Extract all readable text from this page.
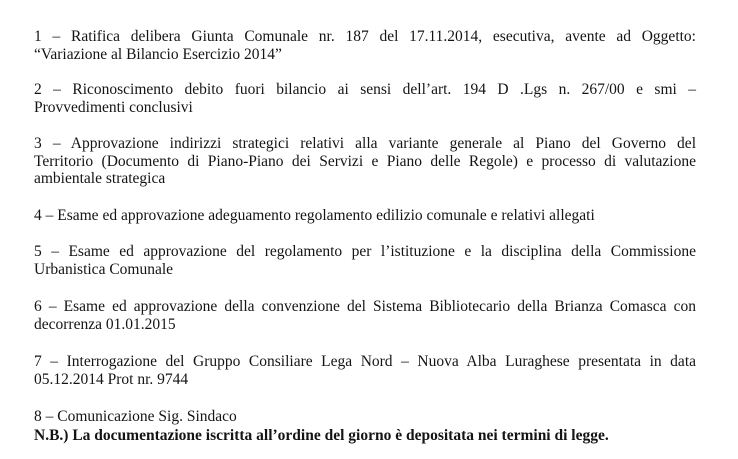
1 – Ratifica delibera Giunta Comunale nr. 187 del 17.11.2014, esecutiva, avente ad Oggetto:
“Variazione al Bilancio Esercizio 2014”
2 – Riconoscimento debito fuori bilancio ai sensi dell’art. 194 D .Lgs n. 267/00 e smi –
Provvedimenti conclusivi
3 – Approvazione indirizzi strategici relativi alla variante generale al Piano del Governo del
Territorio (Documento di Piano-Piano dei Servizi e Piano delle Regole) e processo di valutazione
ambientale strategica
4 – Esame ed approvazione adeguamento regolamento edilizio comunale e relativi allegati
5 – Esame ed approvazione del regolamento per l’istituzione e la disciplina della Commissione
Urbanistica Comunale
6 – Esame ed approvazione della convenzione del Sistema Bibliotecario della Brianza Comasca con
decorrenza 01.01.2015
7 – Interrogazione del Gruppo Consiliare Lega Nord – Nuova Alba Luraghese presentata in data
05.12.2014 Prot nr. 9744
8 – Comunicazione Sig. Sindaco
N.B.) La documentazione iscritta all’ordine del giorno è depositata nei termini di legge.
